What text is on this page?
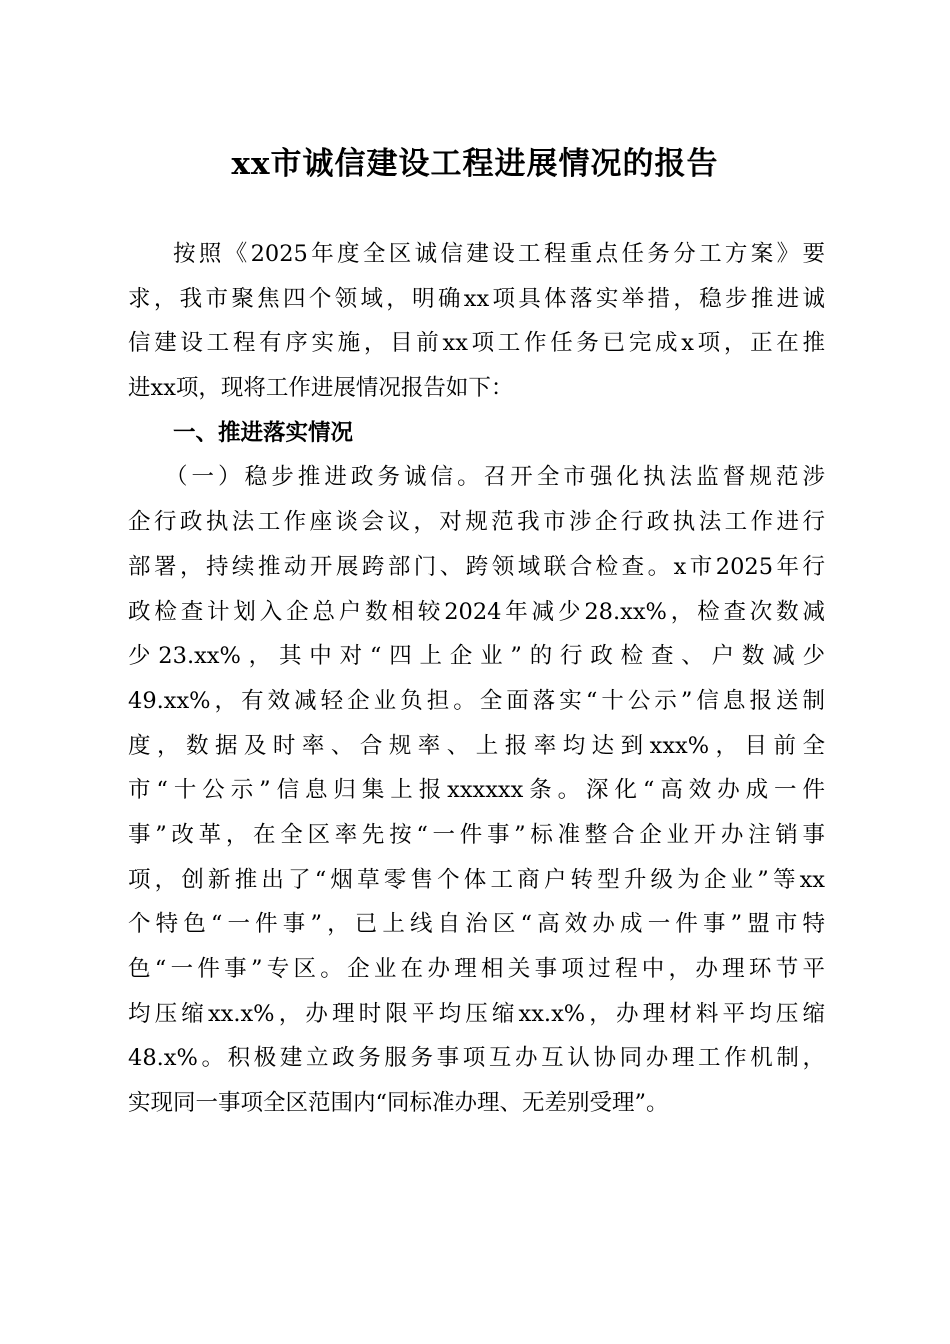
xx市诚信建设工程进展情况的报告
按照《2025年度全区诚信建设工程重点任务分工方案》要
求，我市聚焦四个领域，明确xx项具体落实举措，稳步推进诚
信建设工程有序实施，目前xx项工作任务已完成x项，正在推
进xx项，现将工作进展情况报告如下：
一、推进落实情况
（一）稳步推进政务诚信。召开全市强化执法监督规范涉
企行政执法工作座谈会议，对规范我市涉企行政执法工作进行
部署，持续推动开展跨部门、跨领域联合检查。x市2025年行
政检查计划入企总户数相较2024年减少28.xx%，检查次数减
少23.xx%，其中对“四上企业”的行政检查、户数减少
49.xx%，有效减轻企业负担。全面落实“十公示”信息报送制
度，数据及时率、合规率、上报率均达到xxx%，目前全
市“十公示”信息归集上报xxxxxx条。深化“高效办成一件
事”改革，在全区率先按“一件事”标准整合企业开办注销事
项，创新推出了“烟草零售个体工商户转型升级为企业”等xx
个特色“一件事”，已上线自治区“高效办成一件事”盟市特
色“一件事”专区。企业在办理相关事项过程中，办理环节平
均压缩xx.x%，办理时限平均压缩xx.x%，办理材料平均压缩
48.x%。积极建立政务服务事项互办互认协同办理工作机制，
实现同一事项全区范围内“同标准办理、无差别受理”。
